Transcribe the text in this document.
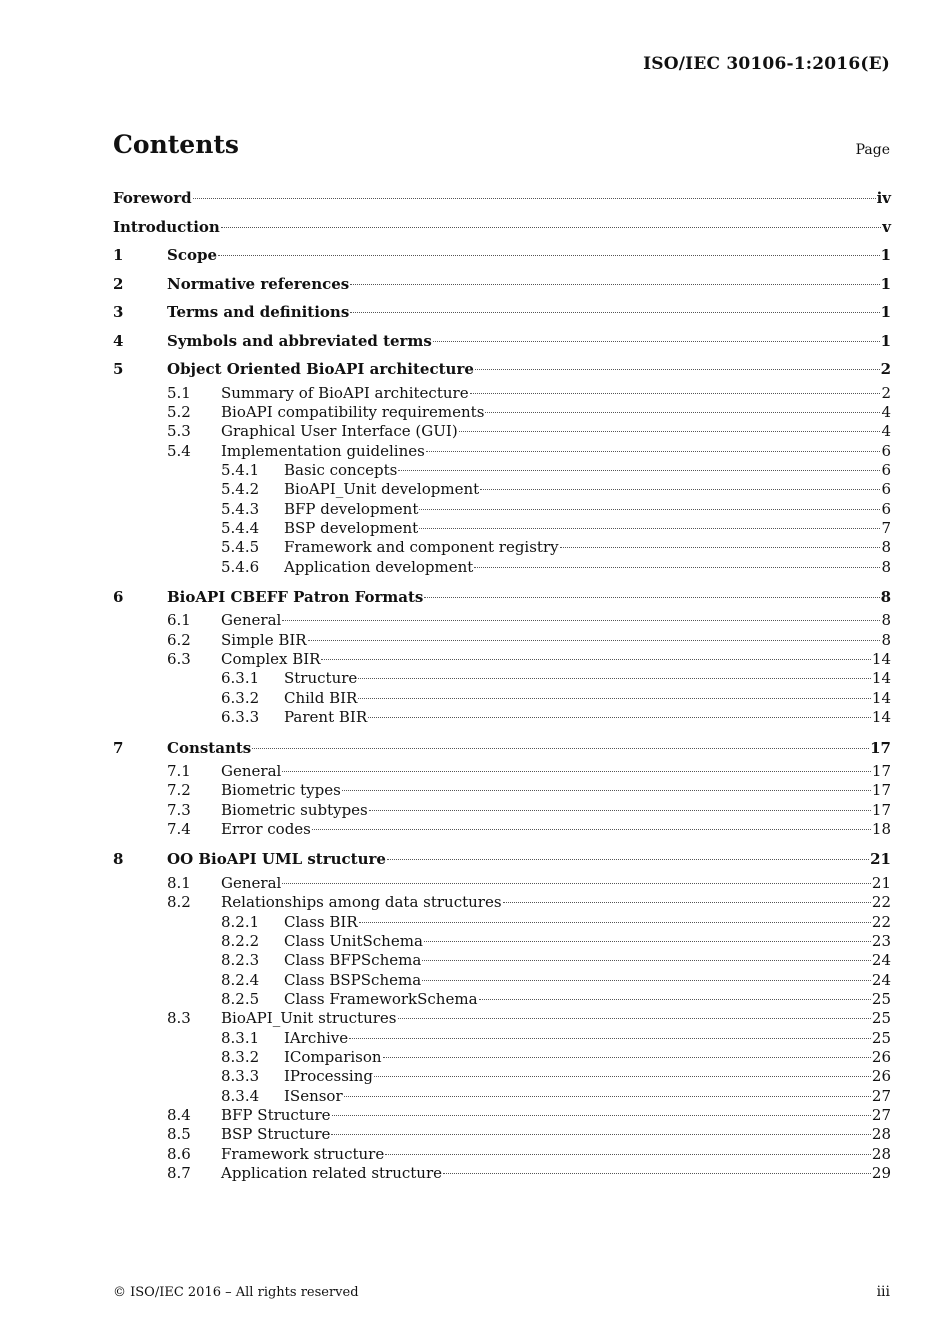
ISO/IEC 30106-1:2016(E)
Contents	Page
Foreword	iv
Introduction	v
1	Scope	1
2	Normative references	1
3	Terms and definitions	1
4	Symbols and abbreviated terms	1
5	Object Oriented BioAPI architecture	2
5.1	Summary of BioAPI architecture	2
5.2	BioAPI compatibility requirements	4
5.3	Graphical User Interface (GUI)	4
5.4	Implementation guidelines	6
5.4.1	Basic concepts	6
5.4.2	BioAPI_Unit development	6
5.4.3	BFP development	6
5.4.4	BSP development	7
5.4.5	Framework and component registry	8
5.4.6	Application development	8
6	BioAPI CBEFF Patron Formats	8
6.1	General	8
6.2	Simple BIR	8
6.3	Complex BIR	14
6.3.1	Structure	14
6.3.2	Child BIR	14
6.3.3	Parent BIR	14
7	Constants	17
7.1	General	17
7.2	Biometric types	17
7.3	Biometric subtypes	17
7.4	Error codes	18
8	OO BioAPI UML structure	21
8.1	General	21
8.2	Relationships among data structures	22
8.2.1	Class BIR	22
8.2.2	Class UnitSchema	23
8.2.3	Class BFPSchema	24
8.2.4	Class BSPSchema	24
8.2.5	Class FrameworkSchema	25
8.3	BioAPI_Unit structures	25
8.3.1	IArchive	25
8.3.2	IComparison	26
8.3.3	IProcessing	26
8.3.4	ISensor	27
8.4	BFP Structure	27
8.5	BSP Structure	28
8.6	Framework structure	28
8.7	Application related structure	29
© ISO/IEC 2016 – All rights reserved	iii
